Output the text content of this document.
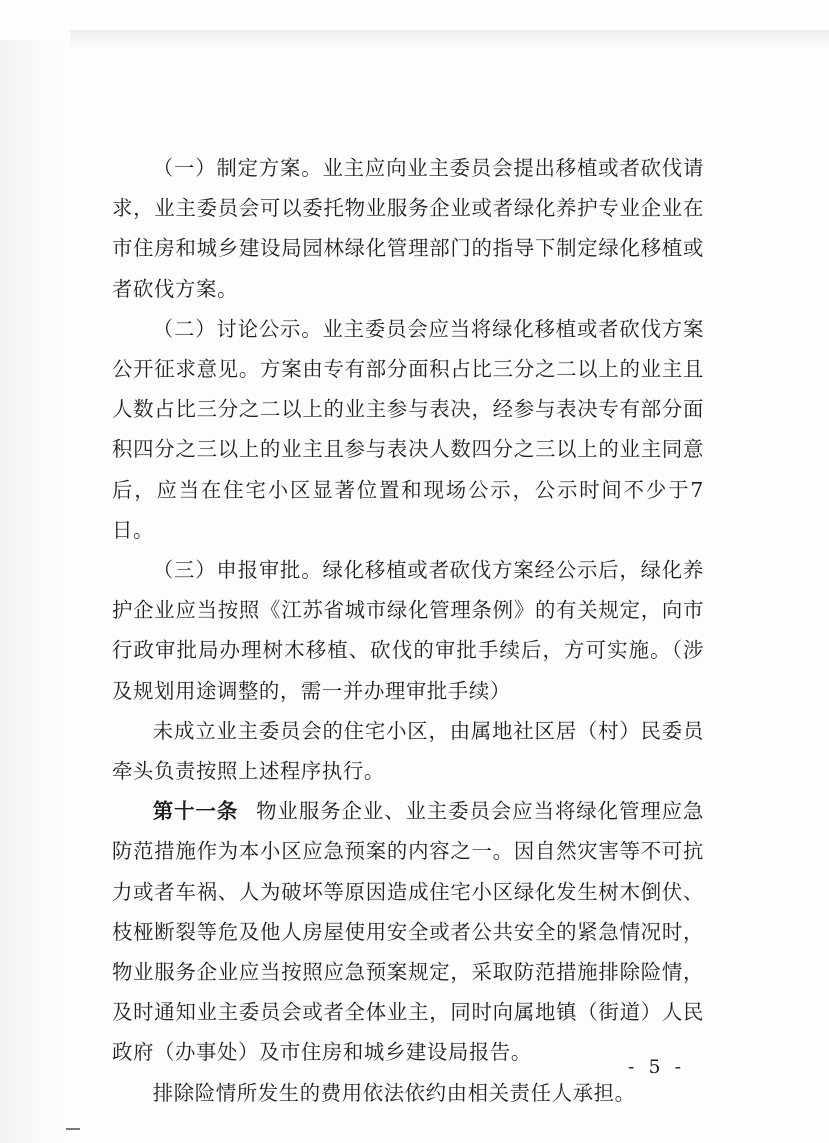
（一）制定方案。业主应向业主委员会提出移植或者砍伐请求，业主委员会可以委托物业服务企业或者绿化养护专业企业在市住房和城乡建设局园林绿化管理部门的指导下制定绿化移植或者砍伐方案。

（二）讨论公示。业主委员会应当将绿化移植或者砍伐方案公开征求意见。方案由专有部分面积占比三分之二以上的业主且人数占比三分之二以上的业主参与表决，经参与表决专有部分面积四分之三以上的业主且参与表决人数四分之三以上的业主同意后，应当在住宅小区显著位置和现场公示，公示时间不少于7日。

（三）申报审批。绿化移植或者砍伐方案经公示后，绿化养护企业应当按照《江苏省城市绿化管理条例》的有关规定，向市行政审批局办理树木移植、砍伐的审批手续后，方可实施。（涉及规划用途调整的，需一并办理审批手续）

未成立业主委员会的住宅小区，由属地社区居（村）民委员牵头负责按照上述程序执行。

第十一条 物业服务企业、业主委员会应当将绿化管理应急防范措施作为本小区应急预案的内容之一。因自然灾害等不可抗力或者车祸、人为破坏等原因造成住宅小区绿化发生树木倒伏、枝桠断裂等危及他人房屋使用安全或者公共安全的紧急情况时，物业服务企业应当按照应急预案规定，采取防范措施排除险情，及时通知业主委员会或者全体业主，同时向属地镇（街道）人民政府（办事处）及市住房和城乡建设局报告。

排除险情所发生的费用依法依约由相关责任人承担。

- 5 -
